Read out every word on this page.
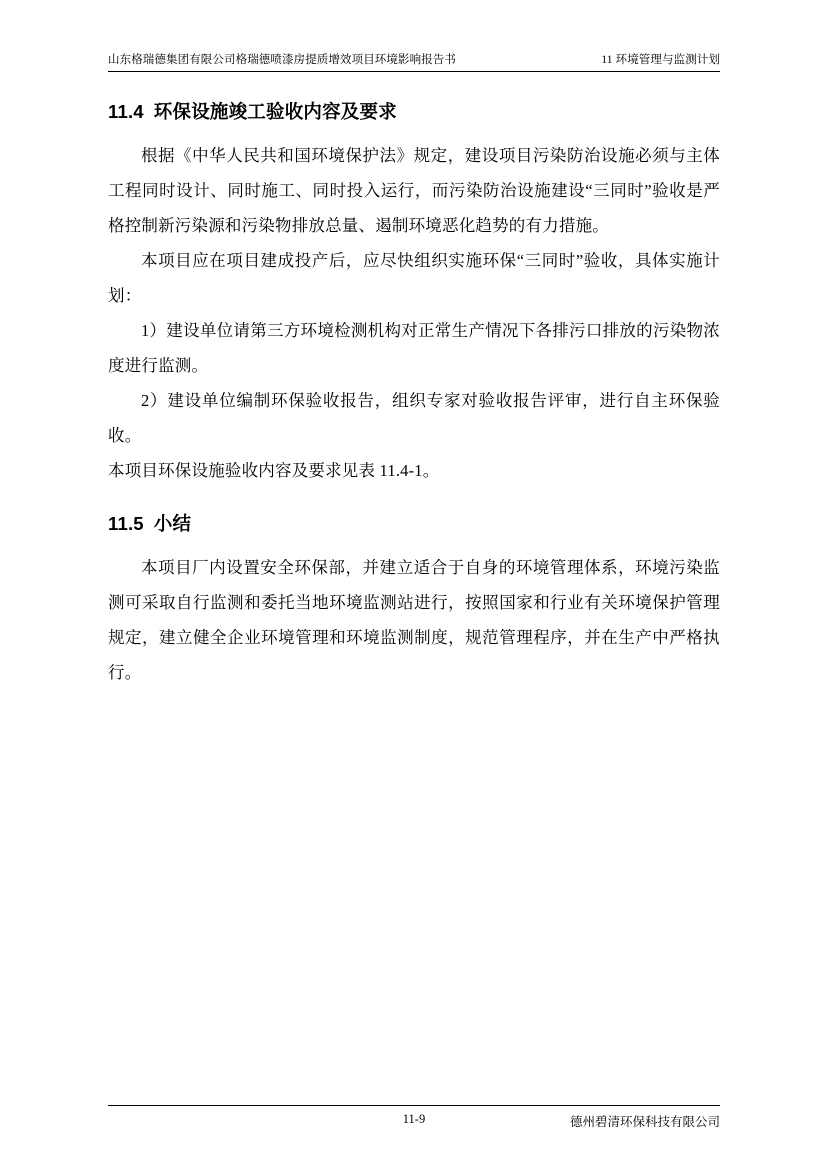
山东格瑞德集团有限公司格瑞德喷漆房提质增效项目环境影响报告书	11 环境管理与监测计划
11.4 环保设施竣工验收内容及要求

根据《中华人民共和国环境保护法》规定，建设项目污染防治设施必须与主体工程同时设计、同时施工、同时投入运行，而污染防治设施建设“三同时”验收是严格控制新污染源和污染物排放总量、遏制环境恶化趋势的有力措施。

本项目应在项目建成投产后，应尽快组织实施环保“三同时”验收，具体实施计划：

1）建设单位请第三方环境检测机构对正常生产情况下各排污口排放的污染物浓度进行监测。

2）建设单位编制环保验收报告，组织专家对验收报告评审，进行自主环保验收。

本项目环保设施验收内容及要求见表 11.4-1。

11.5 小结

本项目厂内设置安全环保部，并建立适合于自身的环境管理体系，环境污染监测可采取自行监测和委托当地环境监测站进行，按照国家和行业有关环境保护管理规定，建立健全企业环境管理和环境监测制度，规范管理程序，并在生产中严格执行。

11-9	德州碧清环保科技有限公司
